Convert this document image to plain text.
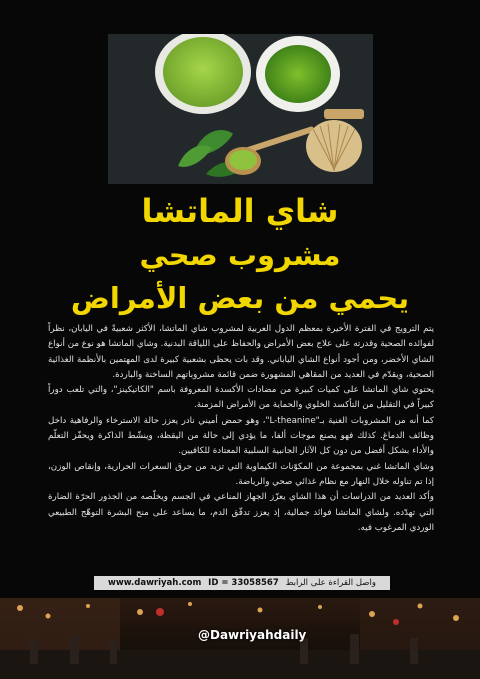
شاي الماتشا
مشروب صحي
يحمي من بعض الأمراض

يتم الترويج في الفترة الأخيرة بمعظم الدول العربية لمشروب شاي الماتشا، الأكثر شعبيةً في اليابان، نظراً لفوائده الصحية وقدرته على علاج بعض الأمراض والحفاظ على اللياقة البدنية. وشاي الماتشا هو نوع من أنواع الشاي الأخضر، ومن أجود أنواع الشاي الياباني. وقد بات يحظى بشعبية كبيرة لدى المهتمين بالأنظمة الغذائية الصحية، ويقدّم في العديد من المقاهي المشهورة ضمن قائمة مشروباتهم الساخنة والباردة.

يحتوي شاي الماتشا على كميات كبيرة من مضادات الأكسدة المعروفة باسم "الكاتيكينز"، والتي تلعب دوراً كبيراً في التقليل من التأكسد الخلوي والحماية من الأمراض المزمنة.

كما أنه من المشروبات الغنية بـ"L-theanine"، وهو حمض أميني نادر يعزز حالة الاسترخاء والرفاهية داخل وظائف الدماغ. كذلك فهو يصنع موجات ألفا، ما يؤدي إلى حالة من اليقظة، وينشّط الذاكرة ويحفّز التعلّم والأداء بشكل أفضل من دون كل الآثار الجانبية السلبية المعتادة للكافيين.

وشاي الماتشا غني بمجموعة من المكوّنات الكيماوية التي تزيد من حرق السعرات الحرارية، وإنقاص الوزن، إذا تم تناوله خلال النهار مع نظام غذائي صحي والرياضة.

وأكد العديد من الدراسات أن هذا الشاي يعزّز الجهاز المناعي في الجسم ويخلّصه من الجذور الحرّة الضارة التي تهدّده. ولشاي الماتشا فوائد جمالية، إذ يعزز تدفّق الدم، ما يساعد على منح البشرة التوهّج الطبيعي الوردي المرغوب فيه.

www.dawriyah.com ID = 33058567 واصل القراءة على الرابط
@Dawriyahdaily
